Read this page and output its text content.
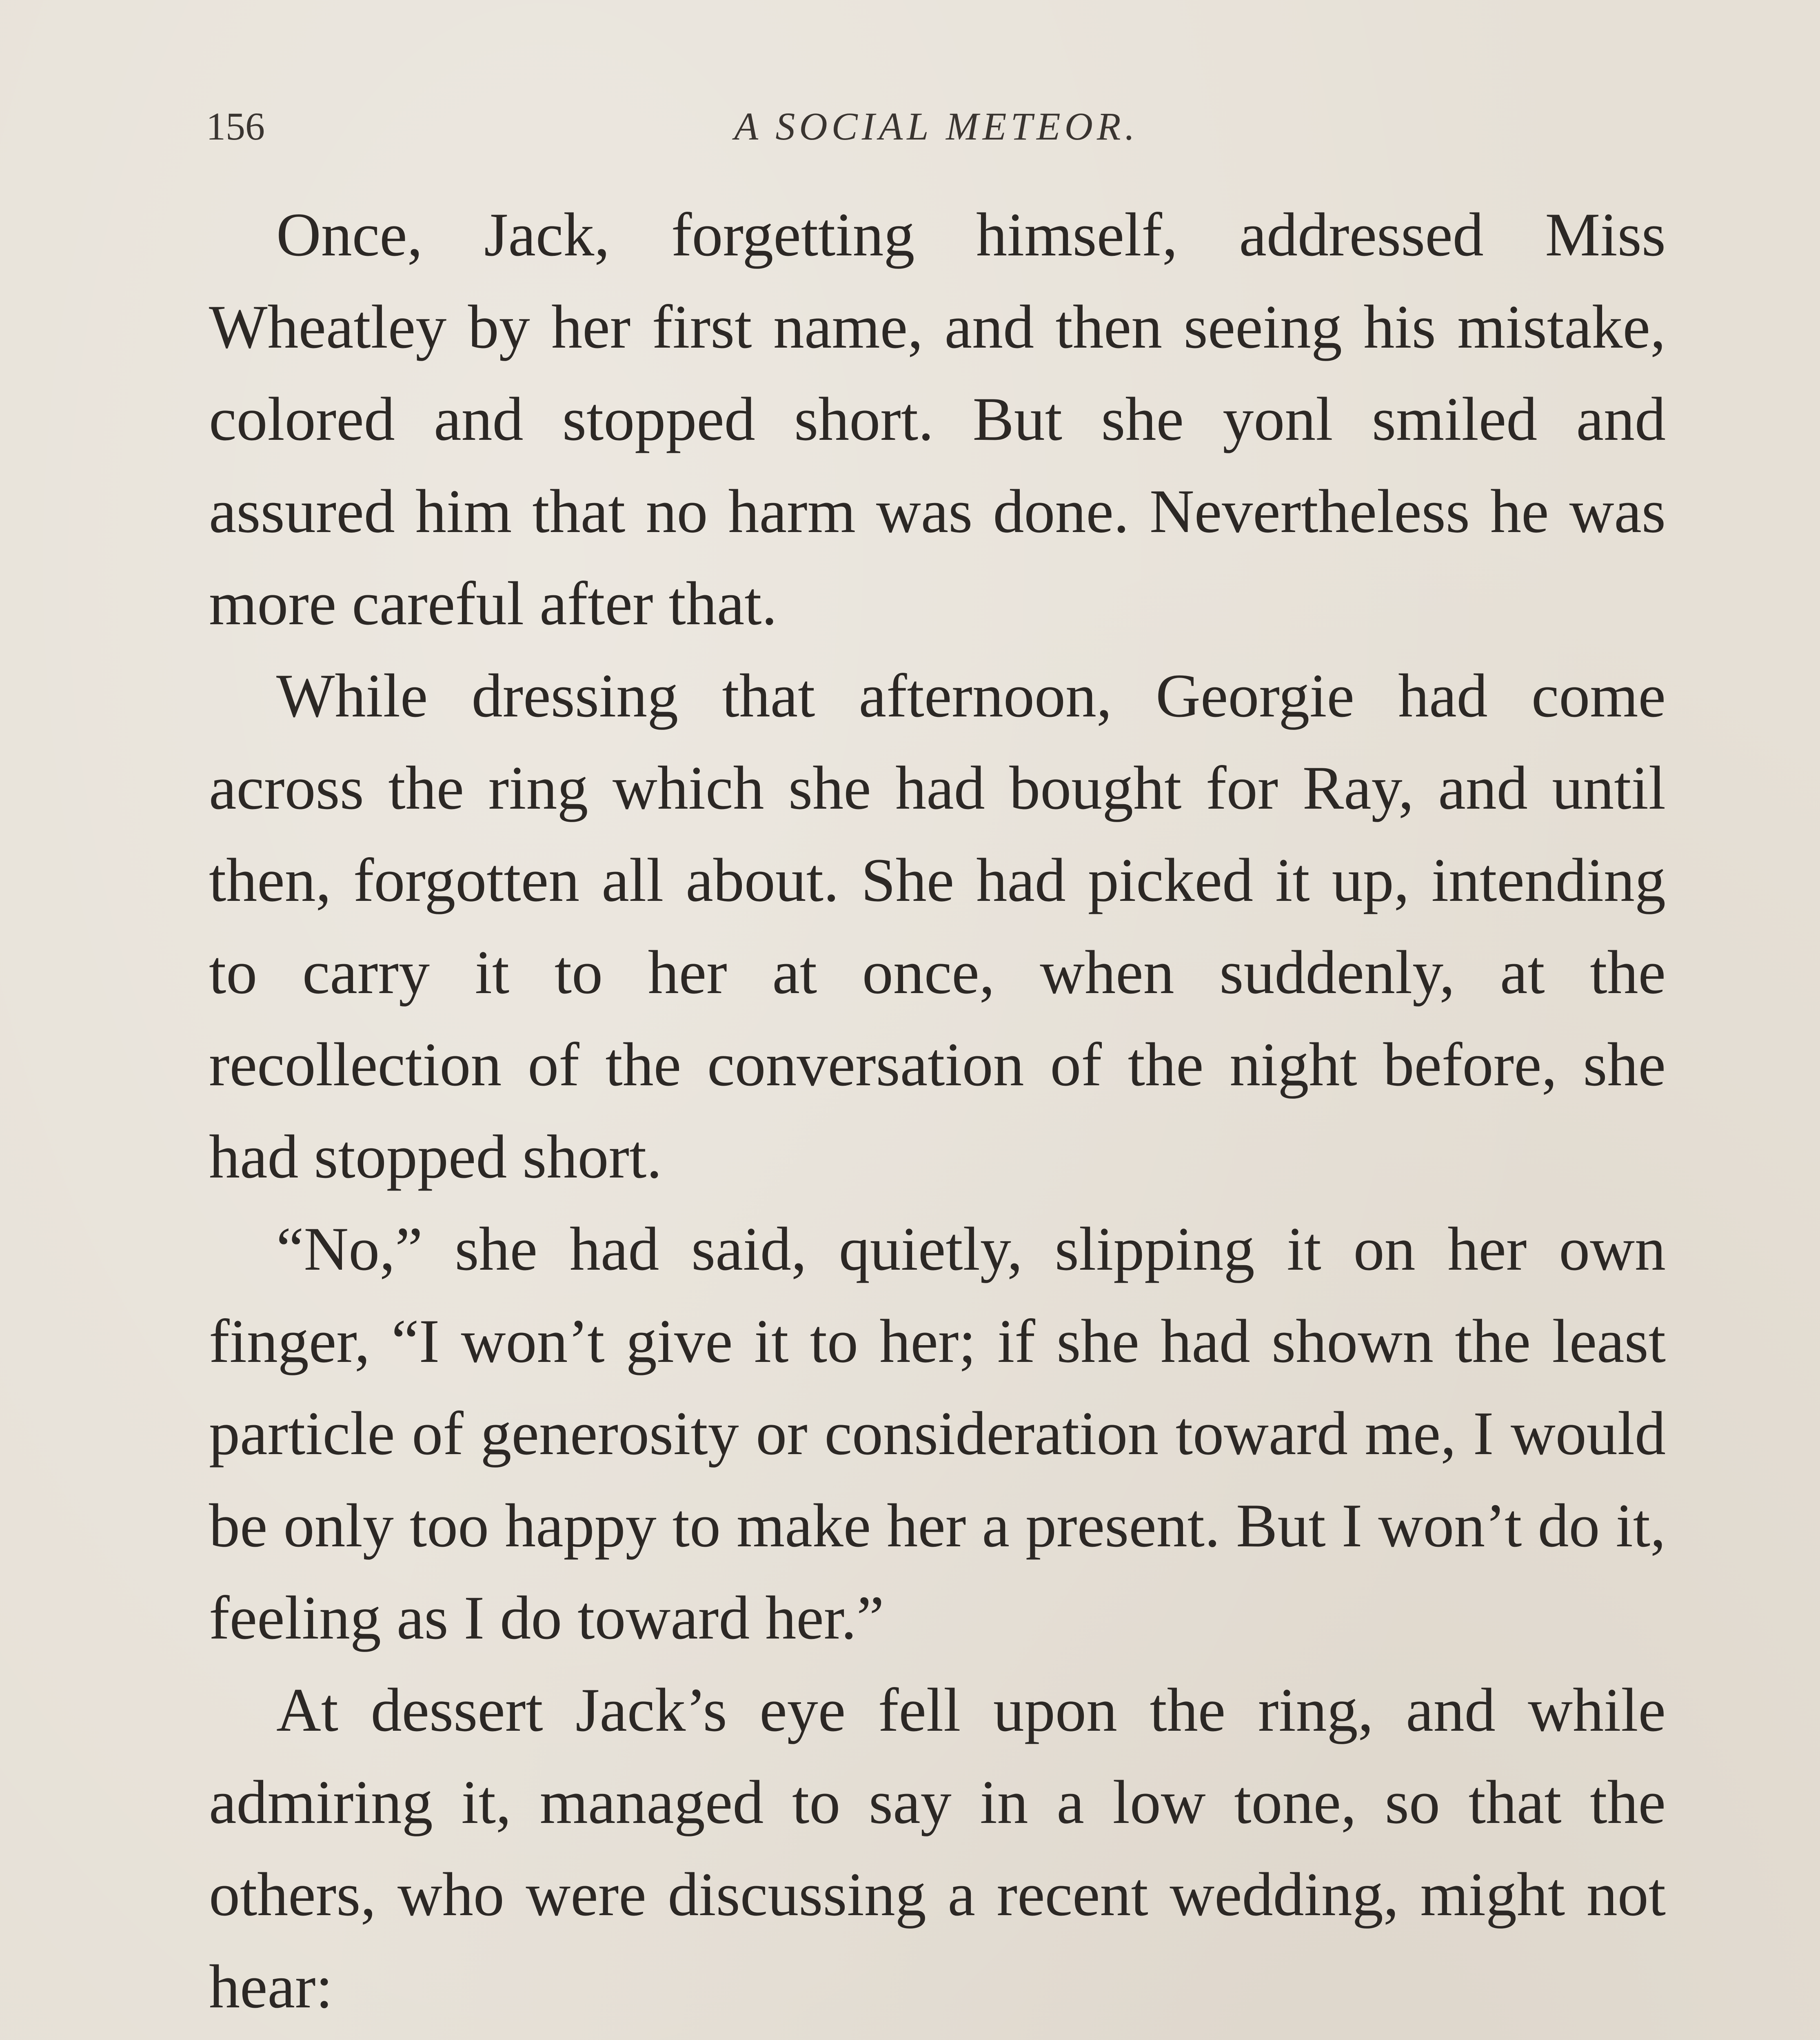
156	A SOCIAL METEOR.

Once, Jack, forgetting himself, addressed Miss Wheatley by her first name, and then seeing his mistake, colored and stopped short. But she yonl smiled and assured him that no harm was done. Nevertheless he was more careful after that.

While dressing that afternoon, Georgie had come across the ring which she had bought for Ray, and until then, forgotten all about. She had picked it up, intending to carry it to her at once, when suddenly, at the recollection of the conversation of the night before, she had stopped short.

“No,” she had said, quietly, slipping it on her own finger, “I won’t give it to her; if she had shown the least particle of generosity or consideration toward me, I would be only too happy to make her a present. But I won’t do it, feeling as I do toward her.”

At dessert Jack’s eye fell upon the ring, and while admiring it, managed to say in a low tone, so that the others, who were discussing a recent wedding, might not hear:
